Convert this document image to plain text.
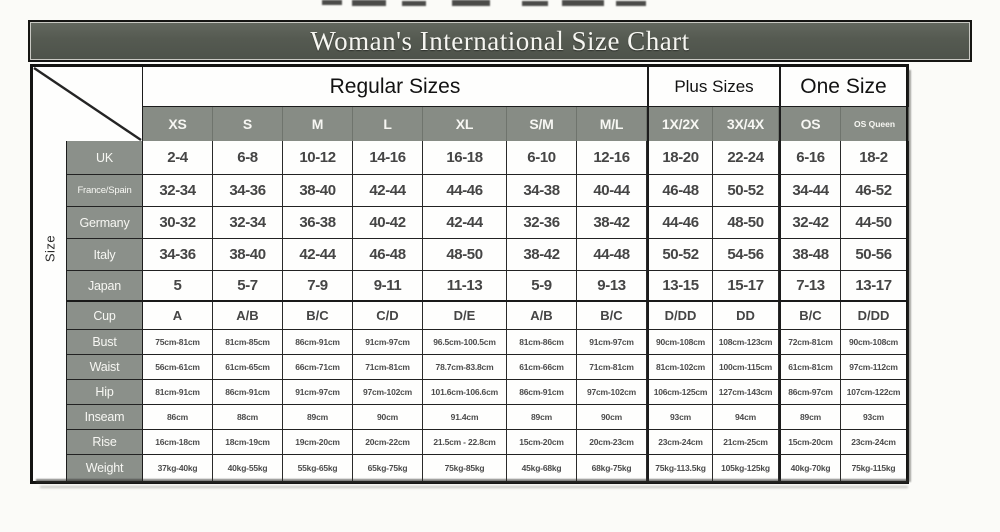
Woman's International Size Chart
Regular Sizes	Plus Sizes	One Size
XS	S	M	L	XL	S/M	M/L	1X/2X	3X/4X	OS	OS Queen
Size
UK	2-4	6-8	10-12	14-16	16-18	6-10	12-16	18-20	22-24	6-16	18-2
France/Spain	32-34	34-36	38-40	42-44	44-46	34-38	40-44	46-48	50-52	34-44	46-52
Germany	30-32	32-34	36-38	40-42	42-44	32-36	38-42	44-46	48-50	32-42	44-50
Italy	34-36	38-40	42-44	46-48	48-50	38-42	44-48	50-52	54-56	38-48	50-56
Japan	5	5-7	7-9	9-11	11-13	5-9	9-13	13-15	15-17	7-13	13-17
Cup	A	A/B	B/C	C/D	D/E	A/B	B/C	D/DD	DD	B/C	D/DD
Bust	75cm-81cm	81cm-85cm	86cm-91cm	91cm-97cm	96.5cm-100.5cm	81cm-86cm	91cm-97cm	90cm-108cm	108cm-123cm	72cm-81cm	90cm-108cm
Waist	56cm-61cm	61cm-65cm	66cm-71cm	71cm-81cm	78.7cm-83.8cm	61cm-66cm	71cm-81cm	81cm-102cm	100cm-115cm	61cm-81cm	97cm-112cm
Hip	81cm-91cm	86cm-91cm	91cm-97cm	97cm-102cm	101.6cm-106.6cm	86cm-91cm	97cm-102cm	106cm-125cm	127cm-143cm	86cm-97cm	107cm-122cm
Inseam	86cm	88cm	89cm	90cm	91.4cm	89cm	90cm	93cm	94cm	89cm	93cm
Rise	16cm-18cm	18cm-19cm	19cm-20cm	20cm-22cm	21.5cm - 22.8cm	15cm-20cm	20cm-23cm	23cm-24cm	21cm-25cm	15cm-20cm	23cm-24cm
Weight	37kg-40kg	40kg-55kg	55kg-65kg	65kg-75kg	75kg-85kg	45kg-68kg	68kg-75kg	75kg-113.5kg	105kg-125kg	40kg-70kg	75kg-115kg
